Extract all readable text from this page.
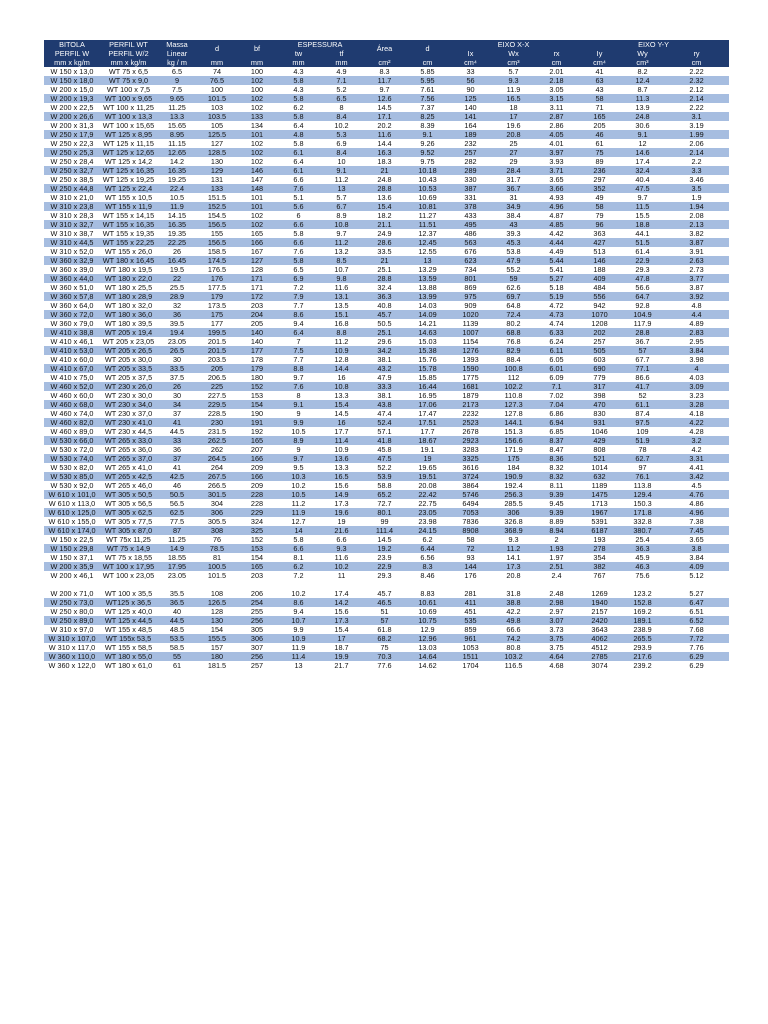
BITOLA	PERFIL WT	Massa	d	bf	ESPESSURA		Área	d	EIXO X-X			EIXO Y-Y		
PERFIL W	PERFIL W/2	Linear			tw	tf			Ix	Wx	rx	Iy	Wy	ry
mm x kg/m	mm x kg/m	kg / m	mm	mm	mm	mm	cm²	cm	cm⁴	cm³	cm	cm⁴	cm³	cm
W 150 x 13,0	WT 75 x 6,5	6.5	74	100	4.3	4.9	8.3	5.85	33	5.7	2.01	41	8.2	2.22
W 150 x 18,0	WT 75 x 9,0	9	76.5	102	5.8	7.1	11.7	5.95	56	9.3	2.18	63	12.4	2.32
W 200 x 15,0	WT 100 x 7,5	7.5	100	100	4.3	5.2	9.7	7.61	90	11.9	3.05	43	8.7	2.12
W 200 x 19,3	WT 100 x 9,65	9.65	101.5	102	5.8	6.5	12.6	7.56	125	16.5	3.15	58	11.3	2.14
W 200 x 22,5	WT 100 x 11,25	11.25	103	102	6.2	8	14.5	7.37	140	18	3.11	71	13.9	2.22
W 200 x 26,6	WT 100 x 13,3	13.3	103.5	133	5.8	8.4	17.1	8.25	141	17	2.87	165	24.8	3.1
W 200 x 31,3	WT 100 x 15,65	15.65	105	134	6.4	10.2	20.2	8.39	164	19.6	2.86	205	30.6	3.19
W 250 x 17,9	WT 125 x 8,95	8.95	125.5	101	4.8	5.3	11.6	9.1	189	20.8	4.05	46	9.1	1.99
W 250 x 22,3	WT 125 x 11,15	11.15	127	102	5.8	6.9	14.4	9.26	232	25	4.01	61	12	2.06
W 250 x 25,3	WT 125 x 12,65	12.65	128.5	102	6.1	8.4	16.3	9.52	257	27	3.97	75	14.6	2.14
W 250 x 28,4	WT 125 x 14,2	14.2	130	102	6.4	10	18.3	9.75	282	29	3.93	89	17.4	2.2
W 250 x 32,7	WT 125 x 16,35	16.35	129	146	6.1	9.1	21	10.18	289	28.4	3.71	236	32.4	3.3
W 250 x 38,5	WT 125 x 19,25	19.25	131	147	6.6	11.2	24.8	10.43	330	31.7	3.65	297	40.4	3.46
W 250 x 44,8	WT 125 x 22,4	22.4	133	148	7.6	13	28.8	10.53	387	36.7	3.66	352	47.5	3.5
W 310 x 21,0	WT 155 x 10,5	10.5	151.5	101	5.1	5.7	13.6	10.69	331	31	4.93	49	9.7	1.9
W 310 x 23,8	WT 155 x 11,9	11.9	152.5	101	5.6	6.7	15.4	10.81	378	34.9	4.96	58	11.5	1.94
W 310 x 28,3	WT 155 x 14,15	14.15	154.5	102	6	8.9	18.2	11.27	433	38.4	4.87	79	15.5	2.08
W 310 x 32,7	WT 155 x 16,35	16.35	156.5	102	6.6	10.8	21.1	11.51	495	43	4.85	96	18.8	2.13
W 310 x 38,7	WT 155 x 19,35	19.35	155	165	5.8	9.7	24.9	12.37	486	39.3	4.42	363	44.1	3.82
W 310 x 44,5	WT 155 x 22,25	22.25	156.5	166	6.6	11.2	28.6	12.45	563	45.3	4.44	427	51.5	3.87
W 310 x 52,0	WT 155 x 26,0	26	158.5	167	7.6	13.2	33.5	12.55	676	53.8	4.49	513	61.4	3.91
W 360 x 32,9	WT 180 x 16,45	16.45	174.5	127	5.8	8.5	21	13	623	47.9	5.44	146	22.9	2.63
W 360 x 39,0	WT 180 x 19,5	19.5	176.5	128	6.5	10.7	25.1	13.29	734	55.2	5.41	188	29.3	2.73
W 360 x 44,0	WT 180 x 22,0	22	176	171	6.9	9.8	28.8	13.59	801	59	5.27	409	47.8	3.77
W 360 x 51,0	WT 180 x 25,5	25.5	177.5	171	7.2	11.6	32.4	13.88	869	62.6	5.18	484	56.6	3.87
W 360 x 57,8	WT 180 x 28,9	28.9	179	172	7.9	13.1	36.3	13.99	975	69.7	5.19	556	64.7	3.92
W 360 x 64,0	WT 180 x 32,0	32	173.5	203	7.7	13.5	40.8	14.03	909	64.8	4.72	942	92.8	4.8
W 360 x 72,0	WT 180 x 36,0	36	175	204	8.6	15.1	45.7	14.09	1020	72.4	4.73	1070	104.9	4.4
W 360 x 79,0	WT 180 x 39,5	39.5	177	205	9.4	16.8	50.5	14.21	1139	80.2	4.74	1208	117.9	4.89
W 410 x 38,8	WT 205 x 19,4	19.4	199.5	140	6.4	8.8	25.1	14.63	1007	68.8	6.33	202	28.8	2.83
W 410 x 46,1	WT 205 x 23,05	23.05	201.5	140	7	11.2	29.6	15.03	1154	76.8	6.24	257	36.7	2.95
W 410 x 53,0	WT 205 x 26,5	26.5	201.5	177	7.5	10.9	34.2	15.38	1276	82.9	6.11	505	57	3.84
W 410 x 60,0	WT 205 x 30,0	30	203.5	178	7.7	12.8	38.1	15.76	1393	88.4	6.05	603	67.7	3.98
W 410 x 67,0	WT 205 x 33,5	33.5	205	179	8.8	14.4	43.2	15.78	1590	100.8	6.01	690	77.1	4
W 410 x 75,0	WT 205 x 37,5	37.5	206.5	180	9.7	16	47.9	15.85	1775	112	6.09	779	86.6	4.03
W 460 x 52,0	WT 230 x 26,0	26	225	152	7.6	10.8	33.3	16.44	1681	102.2	7.1	317	41.7	3.09
W 460 x 60,0	WT 230 x 30,0	30	227.5	153	8	13.3	38.1	16.95	1879	110.8	7.02	398	52	3.23
W 460 x 68,0	WT 230 x 34,0	34	229.5	154	9.1	15.4	43.8	17.06	2173	127.3	7.04	470	61.1	3.28
W 460 x 74,0	WT 230 x 37,0	37	228.5	190	9	14.5	47.4	17.47	2232	127.8	6.86	830	87.4	4.18
W 460 x 82,0	WT 230 x 41,0	41	230	191	9.9	16	52.4	17.51	2523	144.1	6.94	931	97.5	4.22
W 460 x 89,0	WT 230 x 44,5	44.5	231.5	192	10.5	17.7	57.1	17.7	2678	151.3	6.85	1046	109	4.28
W 530 x 66,0	WT 265 x 33,0	33	262.5	165	8.9	11.4	41.8	18.67	2923	156.6	8.37	429	51.9	3.2
W 530 x 72,0	WT 265 x 36,0	36	262	207	9	10.9	45.8	19.1	3283	171.9	8.47	808	78	4.2
W 530 x 74,0	WT 265 x 37,0	37	264.5	166	9.7	13.6	47.5	19	3325	175	8.36	521	62.7	3.31
W 530 x 82,0	WT 265 x 41,0	41	264	209	9.5	13.3	52.2	19.65	3616	184	8.32	1014	97	4.41
W 530 x 85,0	WT 265 x 42,5	42.5	267.5	166	10.3	16.5	53.9	19.51	3724	190.9	8.32	632	76.1	3.42
W 530 x 92,0	WT 265 x 46,0	46	266.5	209	10.2	15.6	58.8	20.08	3864	192.4	8.11	1189	113.8	4.5
W 610 x 101,0	WT 305 x 50,5	50.5	301.5	228	10.5	14.9	65.2	22.42	5746	256.3	9.39	1475	129.4	4.76
W 610 x 113,0	WT 305 x 56,5	56.5	304	228	11.2	17.3	72.7	22.75	6494	285.5	9.45	1713	150.3	4.86
W 610 x 125,0	WT 305 x 62,5	62.5	306	229	11.9	19.6	80.1	23.05	7053	306	9.39	1967	171.8	4.96
W 610 x 155,0	WT 305 x 77,5	77.5	305.5	324	12.7	19	99	23.98	7836	326.8	8.89	5391	332.8	7.38
W 610 x 174,0	WT 305 x 87,0	87	308	325	14	21.6	111.4	24.15	8908	368.9	8.94	6187	380.7	7.45
W 150 x 22,5	WT 75x 11,25	11.25	76	152	5.8	6.6	14.5	6.2	58	9.3	2	193	25.4	3.65
W 150 x 29,8	WT 75 x 14,9	14.9	78.5	153	6.6	9.3	19.2	6.44	72	11.2	1.93	278	36.3	3.8
W 150 x 37,1	WT 75 x 18,55	18.55	81	154	8.1	11.6	23.9	6.56	93	14.1	1.97	354	45.9	3.84
W 200 x 35,9	WT 100 x 17,95	17.95	100.5	165	6.2	10.2	22.9	8.3	144	17.3	2.51	382	46.3	4.09
W 200 x 46,1	WT 100 x 23,05	23.05	101.5	203	7.2	11	29.3	8.46	176	20.8	2.4	767	75.6	5.12

W 200 x 71,0	WT 100 x 35,5	35.5	108	206	10.2	17.4	45.7	8.83	281	31.8	2.48	1269	123.2	5.27
W 250 x 73,0	WT125 x 36,5	36.5	126.5	254	8.6	14.2	46.5	10.61	411	38.8	2.98	1940	152.8	6.47
W 250 x 80,0	WT 125 x 40,0	40	128	255	9.4	15.6	51	10.69	451	42.2	2.97	2157	169.2	6.51
W 250 x 89,0	WT 125 x 44,5	44.5	130	256	10.7	17.3	57	10.75	535	49.8	3.07	2420	189.1	6.52
W 310 x 97,0	WT 155 x 48,5	48.5	154	305	9.9	15.4	61.8	12.9	859	66.6	3.73	3643	238.9	7.68
W 310 x 107,0	WT 155x 53,5	53.5	155.5	306	10.9	17	68.2	12.96	961	74.2	3.75	4062	265.5	7.72
W 310 x 117,0	WT 155 x 58,5	58.5	157	307	11.9	18.7	75	13.03	1053	80.8	3.75	4512	293.9	7.76
W 360 x 110,0	WT 180 x 55,0	55	180	256	11.4	19.9	70.3	14.64	1511	103.2	4.64	2785	217.6	6.29
W 360 x 122,0	WT 180 x 61,0	61	181.5	257	13	21.7	77.6	14.62	1704	116.5	4.68	3074	239.2	6.29
